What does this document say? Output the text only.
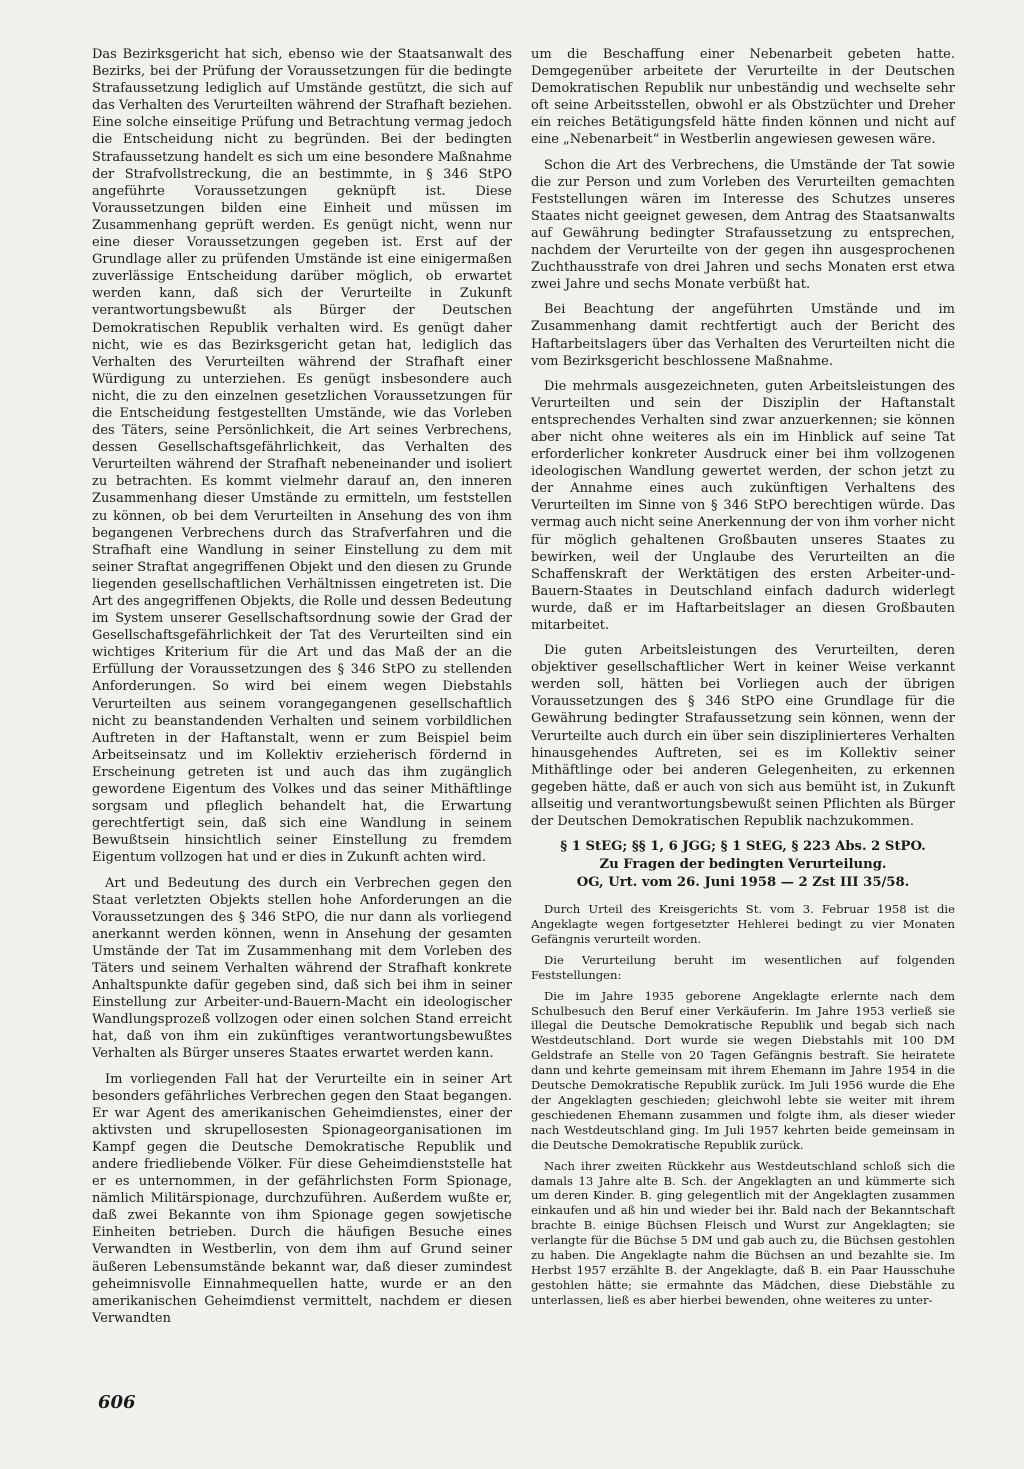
Das Bezirksgericht hat sich, ebenso wie der Staatsanwalt des Bezirks, bei der Prüfung der Voraussetzungen für die bedingte Strafaussetzung lediglich auf Umstände gestützt, die sich auf das Verhalten des Verurteilten während der Strafhaft beziehen. Eine solche einseitige Prüfung und Betrachtung vermag jedoch die Entscheidung nicht zu begründen. Bei der bedingten Strafaussetzung handelt es sich um eine besondere Maßnahme der Strafvollstreckung, die an bestimmte, in § 346 StPO angeführte Voraussetzungen geknüpft ist. Diese Voraussetzungen bilden eine Einheit und müssen im Zusammenhang geprüft werden. Es genügt nicht, wenn nur eine dieser Voraussetzungen gegeben ist. Erst auf der Grundlage aller zu prüfenden Umstände ist eine einigermaßen zuverlässige Entscheidung darüber möglich, ob erwartet werden kann, daß sich der Verurteilte in Zukunft verantwortungsbewußt als Bürger der Deutschen Demokratischen Republik verhalten wird. Es genügt daher nicht, wie es das Bezirksgericht getan hat, lediglich das Verhalten des Verurteilten während der Strafhaft einer Würdigung zu unterziehen. Es genügt insbesondere auch nicht, die zu den einzelnen gesetzlichen Voraussetzungen für die Entscheidung festgestellten Umstände, wie das Vorleben des Täters, seine Persönlichkeit, die Art seines Verbrechens, dessen Gesellschaftsgefährlichkeit, das Verhalten des Verurteilten während der Strafhaft nebeneinander und isoliert zu betrachten. Es kommt vielmehr darauf an, den inneren Zusammenhang dieser Umstände zu ermitteln, um feststellen zu können, ob bei dem Verurteilten in Ansehung des von ihm begangenen Verbrechens durch das Strafverfahren und die Strafhaft eine Wandlung in seiner Einstellung zu dem mit seiner Straftat angegriffenen Objekt und den diesen zu Grunde liegenden gesellschaftlichen Verhältnissen eingetreten ist. Die Art des angegriffenen Objekts, die Rolle und dessen Bedeutung im System unserer Gesellschaftsordnung sowie der Grad der Gesellschaftsgefährlichkeit der Tat des Verurteilten sind ein wichtiges Kriterium für die Art und das Maß der an die Erfüllung der Voraussetzungen des § 346 StPO zu stellenden Anforderungen. So wird bei einem wegen Diebstahls Verurteilten aus seinem vorangegangenen gesellschaftlich nicht zu beanstandenden Verhalten und seinem vorbildlichen Auftreten in der Haftanstalt, wenn er zum Beispiel beim Arbeitseinsatz und im Kollektiv erzieherisch fördernd in Erscheinung getreten ist und auch das ihm zugänglich gewordene Eigentum des Volkes und das seiner Mithäftlinge sorgsam und pfleglich behandelt hat, die Erwartung gerechtfertigt sein, daß sich eine Wandlung in seinem Bewußtsein hinsichtlich seiner Einstellung zu fremdem Eigentum vollzogen hat und er dies in Zukunft achten wird.

Art und Bedeutung des durch ein Verbrechen gegen den Staat verletzten Objekts stellen hohe Anforderungen an die Voraussetzungen des § 346 StPO, die nur dann als vorliegend anerkannt werden können, wenn in Ansehung der gesamten Umstände der Tat im Zusammenhang mit dem Vorleben des Täters und seinem Verhalten während der Strafhaft konkrete Anhaltspunkte dafür gegeben sind, daß sich bei ihm in seiner Einstellung zur Arbeiter-und-Bauern-Macht ein ideologischer Wandlungsprozeß vollzogen oder einen solchen Stand erreicht hat, daß von ihm ein zukünftiges verantwortungsbewußtes Verhalten als Bürger unseres Staates erwartet werden kann.

Im vorliegenden Fall hat der Verurteilte ein in seiner Art besonders gefährliches Verbrechen gegen den Staat begangen. Er war Agent des amerikanischen Geheimdienstes, einer der aktivsten und skrupellosesten Spionageorganisationen im Kampf gegen die Deutsche Demokratische Republik und andere friedliebende Völker. Für diese Geheimdienststelle hat er es unternommen, in der gefährlichsten Form Spionage, nämlich Militärspionage, durchzuführen. Außerdem wußte er, daß zwei Bekannte von ihm Spionage gegen sowjetische Einheiten betrieben. Durch die häufigen Besuche eines Verwandten in Westberlin, von dem ihm auf Grund seiner äußeren Lebensumstände bekannt war, daß dieser zumindest geheimnisvolle Einnahmequellen hatte, wurde er an den amerikanischen Geheimdienst vermittelt, nachdem er diesen Verwandten

um die Beschaffung einer Nebenarbeit gebeten hatte. Demgegenüber arbeitete der Verurteilte in der Deutschen Demokratischen Republik nur unbeständig und wechselte sehr oft seine Arbeitsstellen, obwohl er als Obstzüchter und Dreher ein reiches Betätigungsfeld hätte finden können und nicht auf eine „Nebenarbeit“ in Westberlin angewiesen gewesen wäre.

Schon die Art des Verbrechens, die Umstände der Tat sowie die zur Person und zum Vorleben des Verurteilten gemachten Feststellungen wären im Interesse des Schutzes unseres Staates nicht geeignet gewesen, dem Antrag des Staatsanwalts auf Gewährung bedingter Strafaussetzung zu entsprechen, nachdem der Verurteilte von der gegen ihn ausgesprochenen Zuchthausstrafe von drei Jahren und sechs Monaten erst etwa zwei Jahre und sechs Monate verbüßt hat.

Bei Beachtung der angeführten Umstände und im Zusammenhang damit rechtfertigt auch der Bericht des Haftarbeitslagers über das Verhalten des Verurteilten nicht die vom Bezirksgericht beschlossene Maßnahme.

Die mehrmals ausgezeichneten, guten Arbeitsleistungen des Verurteilten und sein der Disziplin der Haftanstalt entsprechendes Verhalten sind zwar anzuerkennen; sie können aber nicht ohne weiteres als ein im Hinblick auf seine Tat erforderlicher konkreter Ausdruck einer bei ihm vollzogenen ideologischen Wandlung gewertet werden, der schon jetzt zu der Annahme eines auch zukünftigen Verhaltens des Verurteilten im Sinne von § 346 StPO berechtigen würde. Das vermag auch nicht seine Anerkennung der von ihm vorher nicht für möglich gehaltenen Großbauten unseres Staates zu bewirken, weil der Unglaube des Verurteilten an die Schaffenskraft der Werktätigen des ersten Arbeiter-und-Bauern-Staates in Deutschland einfach dadurch widerlegt wurde, daß er im Haftarbeitslager an diesen Großbauten mitarbeitet.

Die guten Arbeitsleistungen des Verurteilten, deren objektiver gesellschaftlicher Wert in keiner Weise verkannt werden soll, hätten bei Vorliegen auch der übrigen Voraussetzungen des § 346 StPO eine Grundlage für die Gewährung bedingter Strafaussetzung sein können, wenn der Verurteilte auch durch ein über sein disziplinierteres Verhalten hinausgehendes Auftreten, sei es im Kollektiv seiner Mithäftlinge oder bei anderen Gelegenheiten, zu erkennen gegeben hätte, daß er auch von sich aus bemüht ist, in Zukunft allseitig und verantwortungsbewußt seinen Pflichten als Bürger der Deutschen Demokratischen Republik nachzukommen.

§ 1 StEG; §§ 1, 6 JGG; § 1 StEG, § 223 Abs. 2 StPO.
Zu Fragen der bedingten Verurteilung.
OG, Urt. vom 26. Juni 1958 — 2 Zst III 35/58.

Durch Urteil des Kreisgerichts St. vom 3. Februar 1958 ist die Angeklagte wegen fortgesetzter Hehlerei bedingt zu vier Monaten Gefängnis verurteilt worden.

Die Verurteilung beruht im wesentlichen auf folgenden Feststellungen:

Die im Jahre 1935 geborene Angeklagte erlernte nach dem Schulbesuch den Beruf einer Verkäuferin. Im Jahre 1953 verließ sie illegal die Deutsche Demokratische Republik und begab sich nach Westdeutschland. Dort wurde sie wegen Diebstahls mit 100 DM Geldstrafe an Stelle von 20 Tagen Gefängnis bestraft. Sie heiratete dann und kehrte gemeinsam mit ihrem Ehemann im Jahre 1954 in die Deutsche Demokratische Republik zurück. Im Juli 1956 wurde die Ehe der Angeklagten geschieden; gleichwohl lebte sie weiter mit ihrem geschiedenen Ehemann zusammen und folgte ihm, als dieser wieder nach Westdeutschland ging. Im Juli 1957 kehrten beide gemeinsam in die Deutsche Demokratische Republik zurück.

Nach ihrer zweiten Rückkehr aus Westdeutschland schloß sich die damals 13 Jahre alte B. Sch. der Angeklagten an und kümmerte sich um deren Kinder. B. ging gelegentlich mit der Angeklagten zusammen einkaufen und aß hin und wieder bei ihr. Bald nach der Bekanntschaft brachte B. einige Büchsen Fleisch und Wurst zur Angeklagten; sie verlangte für die Büchse 5 DM und gab auch zu, die Büchsen gestohlen zu haben. Die Angeklagte nahm die Büchsen an und bezahlte sie. Im Herbst 1957 erzählte B. der Angeklagte, daß B. ein Paar Hausschuhe gestohlen hätte; sie ermahnte das Mädchen, diese Diebstähle zu unterlassen, ließ es aber hierbei bewenden, ohne weiteres zu unter-

606
